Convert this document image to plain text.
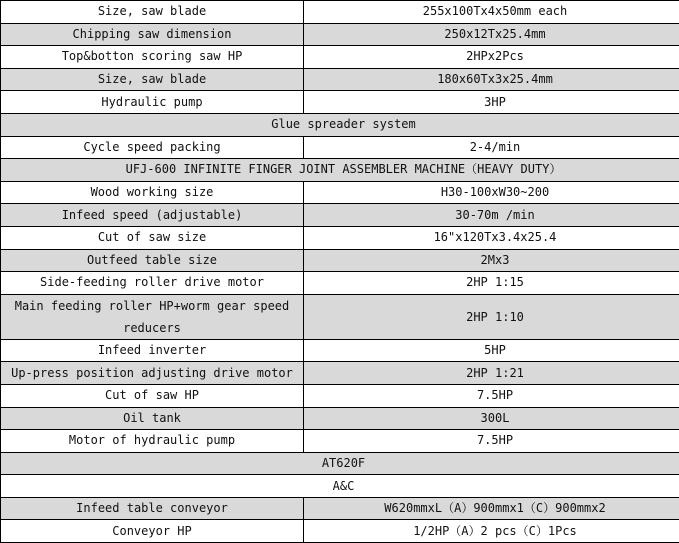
Size, saw blade	255x100Tx4x50mm each
Chipping saw dimension	250x12Tx25.4mm
Top&botton scoring saw HP	2HPx2Pcs
Size, saw blade	180x60Tx3x25.4mm
Hydraulic pump	3HP
Glue spreader system	
Cycle speed packing	2-4/min
UFJ-600 INFINITE FINGER JOINT ASSEMBLER MACHINE（HEAVY DUTY）	
Wood working size	H30-100xW30~200
Infeed speed (adjustable)	30-70m /min
Cut of saw size	16"x120Tx3.4x25.4
Outfeed table size	2Mx3
Side-feeding roller drive motor	2HP 1:15
Main feeding roller HP+worm gear speed reducers	2HP 1:10
Infeed inverter	5HP
Up-press position adjusting drive motor	2HP 1:21
Cut of saw HP	7.5HP
Oil tank	300L
Motor of hydraulic pump	7.5HP
AT620F	
A&C	
Infeed table conveyor	W620mmxL（A）900mmx1（C）900mmx2
Conveyor HP	1/2HP（A）2 pcs（C）1Pcs
